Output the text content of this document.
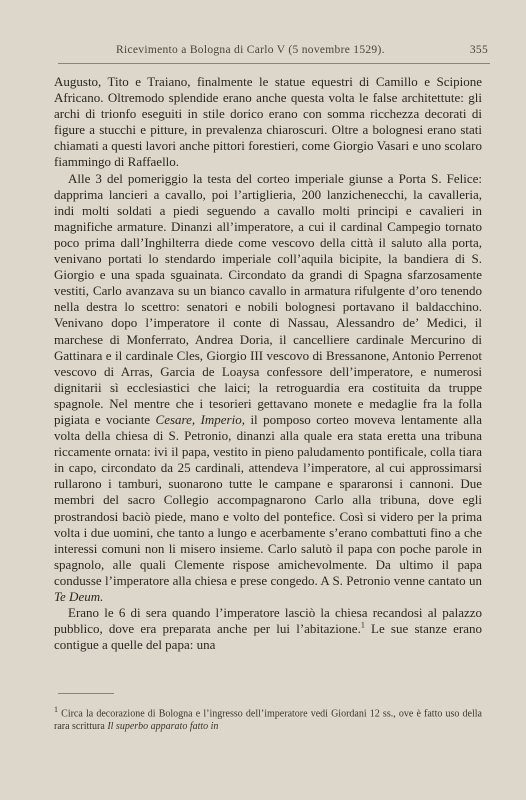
Ricevimento a Bologna di Carlo V (5 novembre 1529).	355

Augusto, Tito e Traiano, finalmente le statue equestri di Camillo e Scipione Africano. Oltremodo splendide erano anche questa volta le false architettute: gli archi di trionfo eseguiti in stile dorico erano con somma ricchezza decorati di figure a stucchi e pitture, in prevalenza chiaroscuri. Oltre a bolognesi erano stati chiamati a questi lavori anche pittori forestieri, come Giorgio Vasari e uno scolaro fiammingo di Raffaello.

Alle 3 del pomeriggio la testa del corteo imperiale giunse a Porta S. Felice: dapprima lancieri a cavallo, poi l’artiglieria, 200 lanzichenecchi, la cavalleria, indi molti soldati a piedi seguendo a cavallo molti principi e cavalieri in magnifiche armature. Dinanzi all’imperatore, a cui il cardinal Campegio tornato poco prima dall’Inghilterra diede come vescovo della città il saluto alla porta, venivano portati lo stendardo imperiale coll’aquila bicipite, la bandiera di S. Giorgio e una spada sguainata. Circondato da grandi di Spagna sfarzosamente vestiti, Carlo avanzava su un bianco cavallo in armatura rifulgente d’oro tenendo nella destra lo scettro: senatori e nobili bolognesi portavano il baldacchino. Venivano dopo l’imperatore il conte di Nassau, Alessandro de’ Medici, il marchese di Monferrato, Andrea Doria, il cancelliere cardinale Mercurino di Gattinara e il cardinale Cles, Giorgio III vescovo di Bressanone, Antonio Perrenot vescovo di Arras, Garcia de Loaysa confessore dell’imperatore, e numerosi dignitarii sì ecclesiastici che laici; la retroguardia era costituita da truppe spagnole. Nel mentre che i tesorieri gettavano monete e medaglie fra la folla pigiata e vociante Cesare, Imperio, il pomposo corteo moveva lentamente alla volta della chiesa di S. Petronio, dinanzi alla quale era stata eretta una tribuna riccamente ornata: ivi il papa, vestito in pieno paludamento pontificale, colla tiara in capo, circondato da 25 cardinali, attendeva l’imperatore, al cui approssimarsi rullarono i tamburi, suonarono tutte le campane e spararonsi i cannoni. Due membri del sacro Collegio accompagnarono Carlo alla tribuna, dove egli prostrandosi baciò piede, mano e volto del pontefice. Così si videro per la prima volta i due uomini, che tanto a lungo e acerbamente s’erano combattuti fino a che interessi comuni non li misero insieme. Carlo salutò il papa con poche parole in spagnolo, alle quali Clemente rispose amichevolmente. Da ultimo il papa condusse l’imperatore alla chiesa e prese congedo. A S. Petronio venne cantato un Te Deum.

Erano le 6 di sera quando l’imperatore lasciò la chiesa recandosi al palazzo pubblico, dove era preparata anche per lui l’abitazione.$^1$ Le sue stanze erano contigue a quelle del papa: una

$^1$ Circa la decorazione di Bologna e l’ingresso dell’imperatore vedi Giordani 12 ss., ove è fatto uso della rara scrittura Il superbo apparato fatto in
